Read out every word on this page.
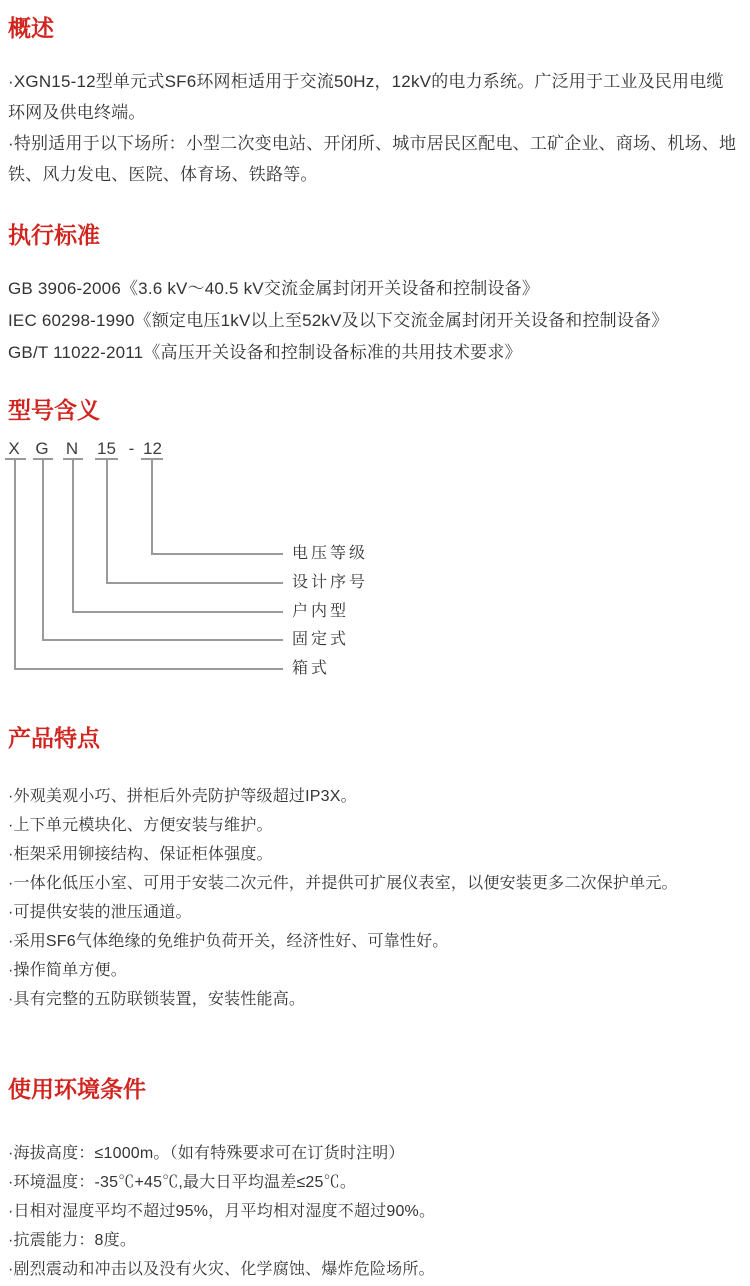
概述

·XGN15-12型单元式SF6环网柜适用于交流50Hz，12kV的电力系统。广泛用于工业及民用电缆环网及供电终端。

·特别适用于以下场所：小型二次变电站、开闭所、城市居民区配电、工矿企业、商场、机场、地铁、风力发电、医院、体育场、铁路等。

执行标准

GB 3906-2006《3.6 kV～40.5 kV交流金属封闭开关设备和控制设备》

IEC 60298-1990《额定电压1kV以上至52kV及以下交流金属封闭开关设备和控制设备》

GB/T 11022-2011《高压开关设备和控制设备标准的共用技术要求》

型号含义
X G	N	15 - 12
电压等级
设计序号
户内型
固定式
箱式
产品特点

·外观美观小巧、拼柜后外壳防护等级超过IP3X。

·上下单元模块化、方便安装与维护。

·柜架采用铆接结构、保证柜体强度。

·一体化低压小室、可用于安装二次元件，并提供可扩展仪表室，以便安装更多二次保护单元。

·可提供安装的泄压通道。

·采用SF6气体绝缘的免维护负荷开关，经济性好、可靠性好。

·操作简单方便。

·具有完整的五防联锁装置，安装性能高。

使用环境条件

·海拔高度：≤1000m。（如有特殊要求可在订货时注明）

·环境温度：-35℃+45℃,最大日平均温差≤25℃。

·日相对湿度平均不超过95%，月平均相对湿度不超过90%。

·抗震能力：8度。

·剧烈震动和冲击以及没有火灾、化学腐蚀、爆炸危险场所。
